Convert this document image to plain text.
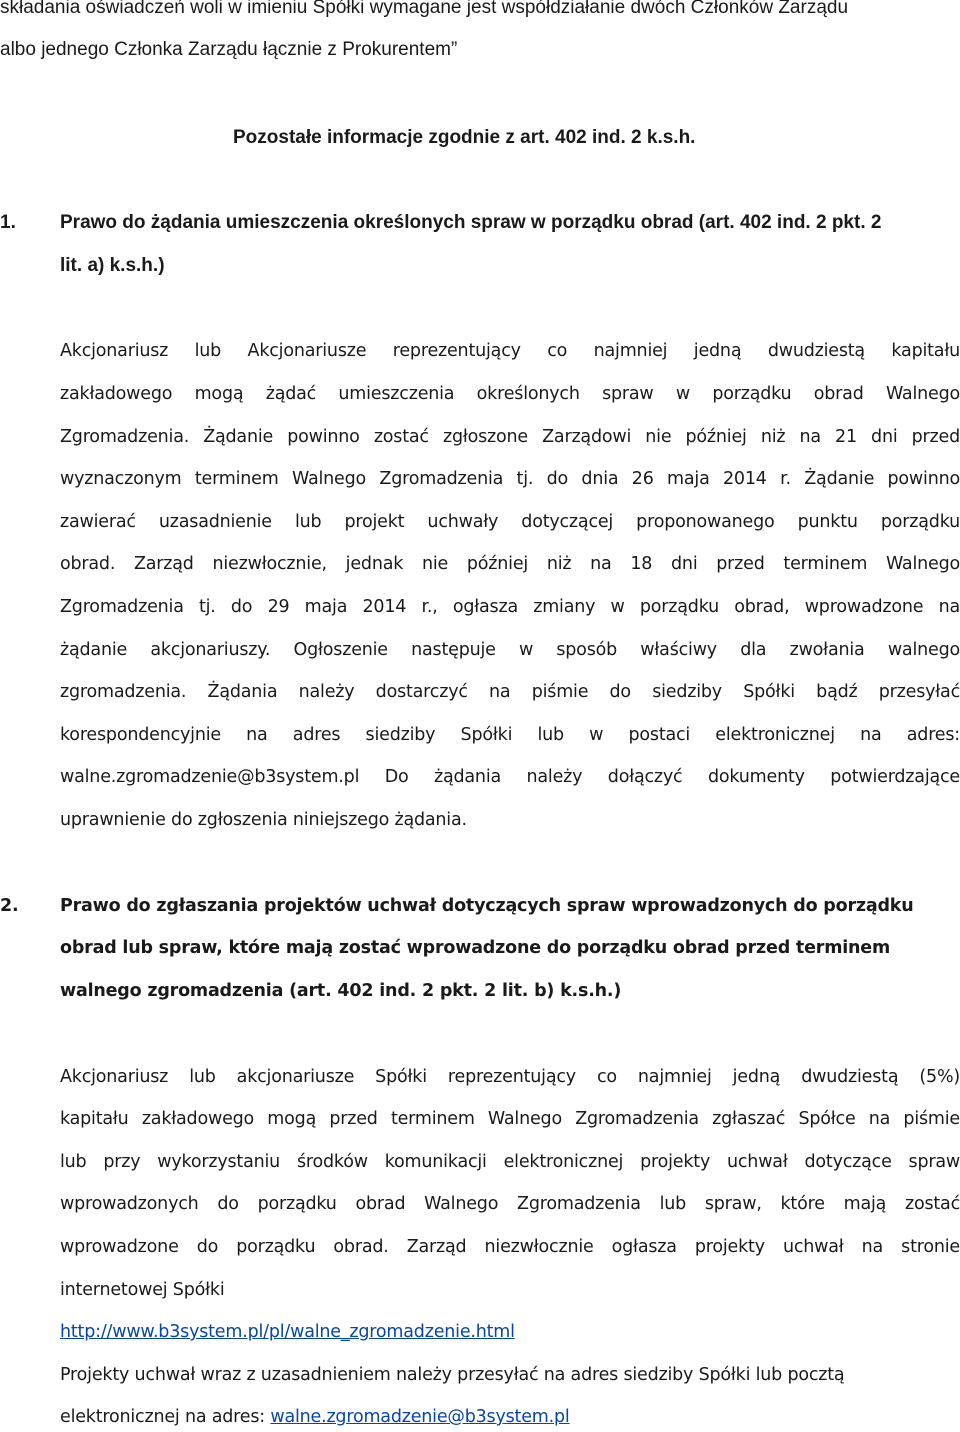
składania oświadczeń woli w imieniu Spółki wymagane jest współdziałanie dwóch Członków Zarządu
albo jednego Członka Zarządu łącznie z Prokurentem”
Pozostałe informacje zgodnie z art. 402 ind. 2 k.s.h.
1. Prawo do żądania umieszczenia określonych spraw w porządku obrad (art. 402 ind. 2 pkt. 2
lit. a) k.s.h.)
Akcjonariusz lub Akcjonariusze reprezentujący co najmniej jedną dwudziestą kapitału
zakładowego mogą żądać umieszczenia określonych spraw w porządku obrad Walnego
Zgromadzenia. Żądanie powinno zostać zgłoszone Zarządowi nie później niż na 21 dni przed
wyznaczonym terminem Walnego Zgromadzenia tj. do dnia 26 maja 2014 r. Żądanie powinno
zawierać uzasadnienie lub projekt uchwały dotyczącej proponowanego punktu porządku
obrad. Zarząd niezwłocznie, jednak nie później niż na 18 dni przed terminem Walnego
Zgromadzenia tj. do 29 maja 2014 r., ogłasza zmiany w porządku obrad, wprowadzone na
żądanie akcjonariuszy. Ogłoszenie następuje w sposób właściwy dla zwołania walnego
zgromadzenia. Żądania należy dostarczyć na piśmie do siedziby Spółki bądź przesyłać
korespondencyjnie na adres siedziby Spółki lub w postaci elektronicznej na adres:
walne.zgromadzenie@b3system.pl Do żądania należy dołączyć dokumenty potwierdzające
uprawnienie do zgłoszenia niniejszego żądania.
2. Prawo do zgłaszania projektów uchwał dotyczących spraw wprowadzonych do porządku
obrad lub spraw, które mają zostać wprowadzone do porządku obrad przed terminem
walnego zgromadzenia (art. 402 ind. 2 pkt. 2 lit. b) k.s.h.)
Akcjonariusz lub akcjonariusze Spółki reprezentujący co najmniej jedną dwudziestą (5%)
kapitału zakładowego mogą przed terminem Walnego Zgromadzenia zgłaszać Spółce na piśmie
lub przy wykorzystaniu środków komunikacji elektronicznej projekty uchwał dotyczące spraw
wprowadzonych do porządku obrad Walnego Zgromadzenia lub spraw, które mają zostać
wprowadzone do porządku obrad. Zarząd niezwłocznie ogłasza projekty uchwał na stronie
internetowej Spółki
http://www.b3system.pl/pl/walne_zgromadzenie.html
Projekty uchwał wraz z uzasadnieniem należy przesyłać na adres siedziby Spółki lub pocztą
elektronicznej na adres: walne.zgromadzenie@b3system.pl
